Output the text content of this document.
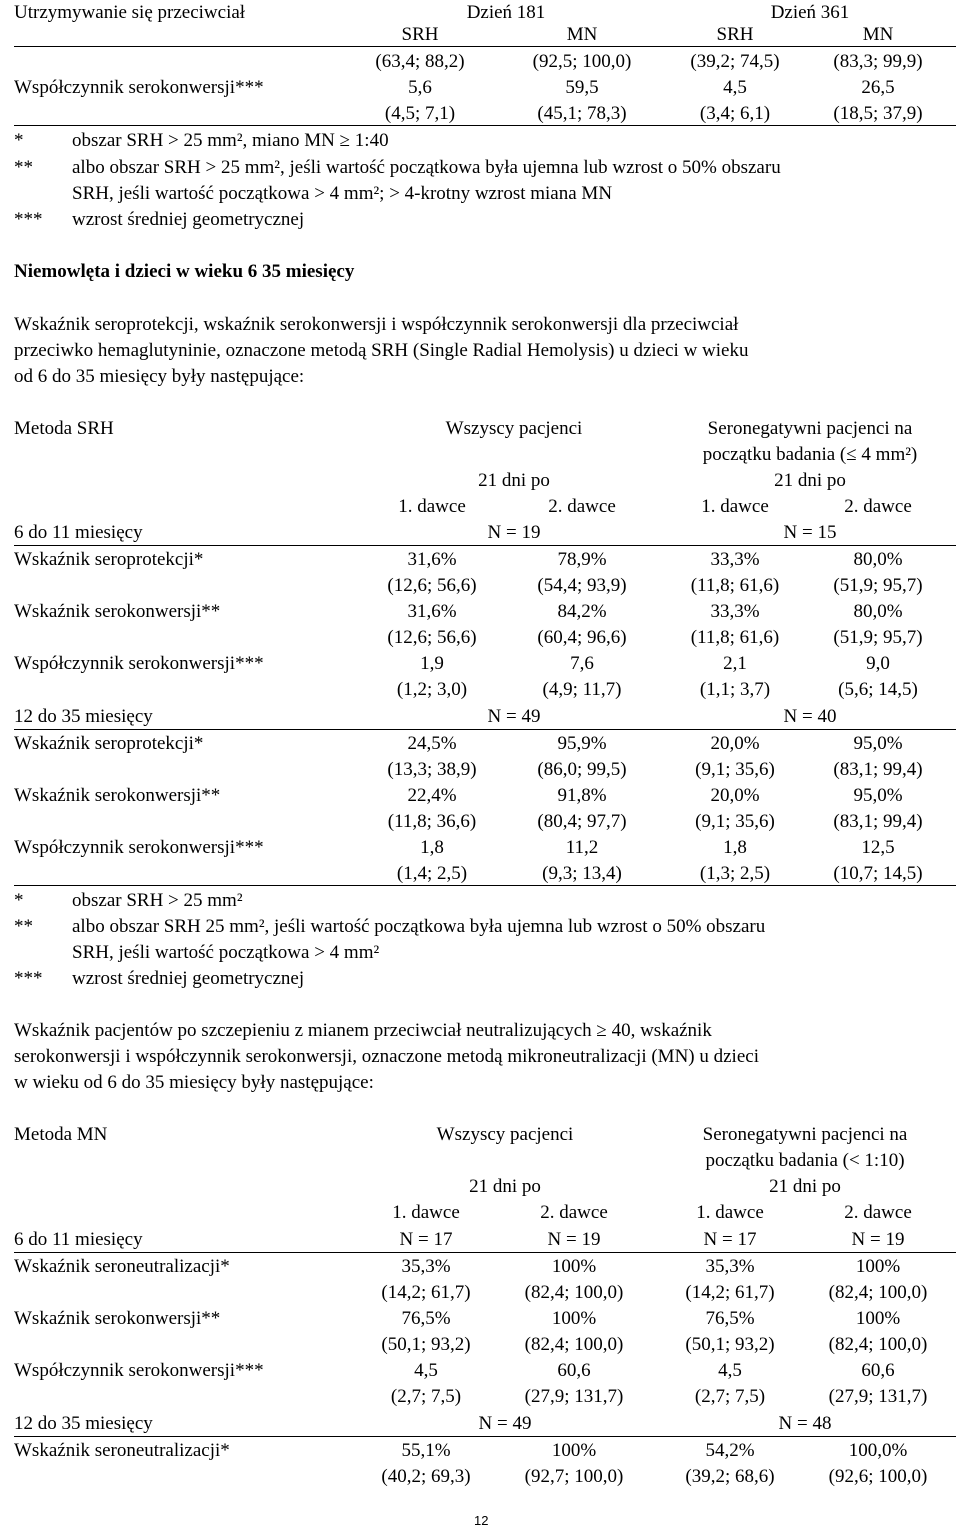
Utrzymywanie się przeciwciał	Dzień 181	Dzień 361
SRH	MN	SRH	MN
(63,4; 88,2)	(92,5; 100,0)	(39,2; 74,5)	(83,3; 99,9)
Współczynnik serokonwersji***	5,6	59,5	4,5	26,5
(4,5; 7,1)	(45,1; 78,3)	(3,4; 6,1)	(18,5; 37,9)
*	obszar SRH > 25 mm², miano MN ≥ 1:40
** albo obszar SRH > 25 mm², jeśli wartość początkowa była ujemna lub wzrost o 50% obszaru
SRH, jeśli wartość początkowa > 4 mm²; > 4-krotny wzrost miana MN
*** wzrost średniej geometrycznej
Niemowlęta i dzieci w wieku 6 35 miesięcy
Wskaźnik seroprotekcji, wskaźnik serokonwersji i współczynnik serokonwersji dla przeciwciał
przeciwko hemaglutyninie, oznaczone metodą SRH (Single Radial Hemolysis) u dzieci w wieku
od 6 do 35 miesięcy były następujące:
Metoda SRH	Wszyscy pacjenci	Seronegatywni pacjenci na
początku badania (≤ 4 mm²)
21 dni po	21 dni po
1. dawce	2. dawce	1. dawce	2. dawce
6 do 11 miesięcy	N = 19	N = 15
Wskaźnik seroprotekcji*	31,6%	78,9%	33,3%	80,0%
(12,6; 56,6)	(54,4; 93,9)	(11,8; 61,6)	(51,9; 95,7)
Wskaźnik serokonwersji**	31,6%	84,2%	33,3%	80,0%
(12,6; 56,6)	(60,4; 96,6)	(11,8; 61,6)	(51,9; 95,7)
Współczynnik serokonwersji***	1,9	7,6	2,1	9,0
(1,2; 3,0)	(4,9; 11,7)	(1,1; 3,7)	(5,6; 14,5)
12 do 35 miesięcy	N = 49	N = 40
Wskaźnik seroprotekcji*	24,5%	95,9%	20,0%	95,0%
(13,3; 38,9)	(86,0; 99,5)	(9,1; 35,6)	(83,1; 99,4)
Wskaźnik serokonwersji**	22,4%	91,8%	20,0%	95,0%
(11,8; 36,6)	(80,4; 97,7)	(9,1; 35,6)	(83,1; 99,4)
Współczynnik serokonwersji***	1,8	11,2	1,8	12,5
(1,4; 2,5)	(9,3; 13,4)	(1,3; 2,5)	(10,7; 14,5)
*	obszar SRH > 25 mm²
** albo obszar SRH 25 mm², jeśli wartość początkowa była ujemna lub wzrost o 50% obszaru
SRH, jeśli wartość początkowa > 4 mm²
*** wzrost średniej geometrycznej
Wskaźnik pacjentów po szczepieniu z mianem przeciwciał neutralizujących ≥ 40, wskaźnik
serokonwersji i współczynnik serokonwersji, oznaczone metodą mikroneutralizacji (MN) u dzieci
w wieku od 6 do 35 miesięcy były następujące:
Metoda MN	Wszyscy pacjenci	Seronegatywni pacjenci na
początku badania (< 1:10)
21 dni po	21 dni po
1. dawce	2. dawce	1. dawce	2. dawce
6 do 11 miesięcy	N = 17	N = 19	N = 17	N = 19
Wskaźnik seroneutralizacji*	35,3%	100%	35,3%	100%
(14,2; 61,7)	(82,4; 100,0)	(14,2; 61,7)	(82,4; 100,0)
Wskaźnik serokonwersji**	76,5%	100%	76,5%	100%
(50,1; 93,2)	(82,4; 100,0)	(50,1; 93,2)	(82,4; 100,0)
Współczynnik serokonwersji***	4,5	60,6	4,5	60,6
(2,7; 7,5)	(27,9; 131,7)	(2,7; 7,5)	(27,9; 131,7)
12 do 35 miesięcy	N = 49	N = 48
Wskaźnik seroneutralizacji*	55,1%	100%	54,2%	100,0%
(40,2; 69,3)	(92,7; 100,0)	(39,2; 68,6)	(92,6; 100,0)
12
